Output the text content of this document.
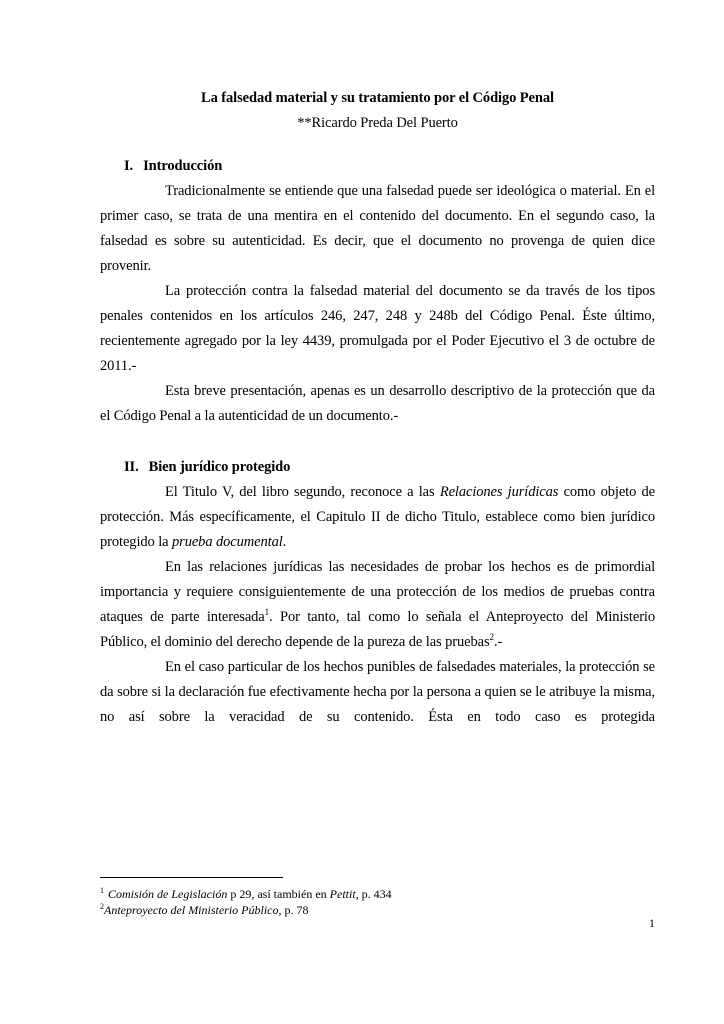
La falsedad material y su tratamiento por el Código Penal
**Ricardo Preda Del Puerto
I. Introducción

Tradicionalmente se entiende que una falsedad puede ser ideológica o material. En el primer caso, se trata de una mentira en el contenido del documento. En el segundo caso, la falsedad es sobre su autenticidad. Es decir, que el documento no provenga de quien dice provenir.

La protección contra la falsedad material del documento se da través de los tipos penales contenidos en los artículos 246, 247, 248 y 248b del Código Penal. Éste último, recientemente agregado por la ley 4439, promulgada por el Poder Ejecutivo el 3 de octubre de 2011.-

Esta breve presentación, apenas es un desarrollo descriptivo de la protección que da el Código Penal a la autenticidad de un documento.-

II. Bien jurídico protegido

El Titulo V, del libro segundo, reconoce a las Relaciones jurídicas como objeto de protección. Más específicamente, el Capitulo II de dicho Titulo, establece como bien jurídico protegido la prueba documental.

En las relaciones jurídicas las necesidades de probar los hechos es de primordial importancia y requiere consiguientemente de una protección de los medios de pruebas contra ataques de parte interesada$^1$. Por tanto, tal como lo señala el Anteproyecto del Ministerio Público, el dominio del derecho depende de la pureza de las pruebas$^2$.-

En el caso particular de los hechos punibles de falsedades materiales, la protección se da sobre si la declaración fue efectivamente hecha por la persona a quien se le atribuye la misma, no así sobre la veracidad de su contenido. Ésta en todo caso es protegida

$^1$ Comisión de Legislación p 29, así también en Pettit, p. 434
$^2$Anteproyecto del Ministerio Público, p. 78
1
